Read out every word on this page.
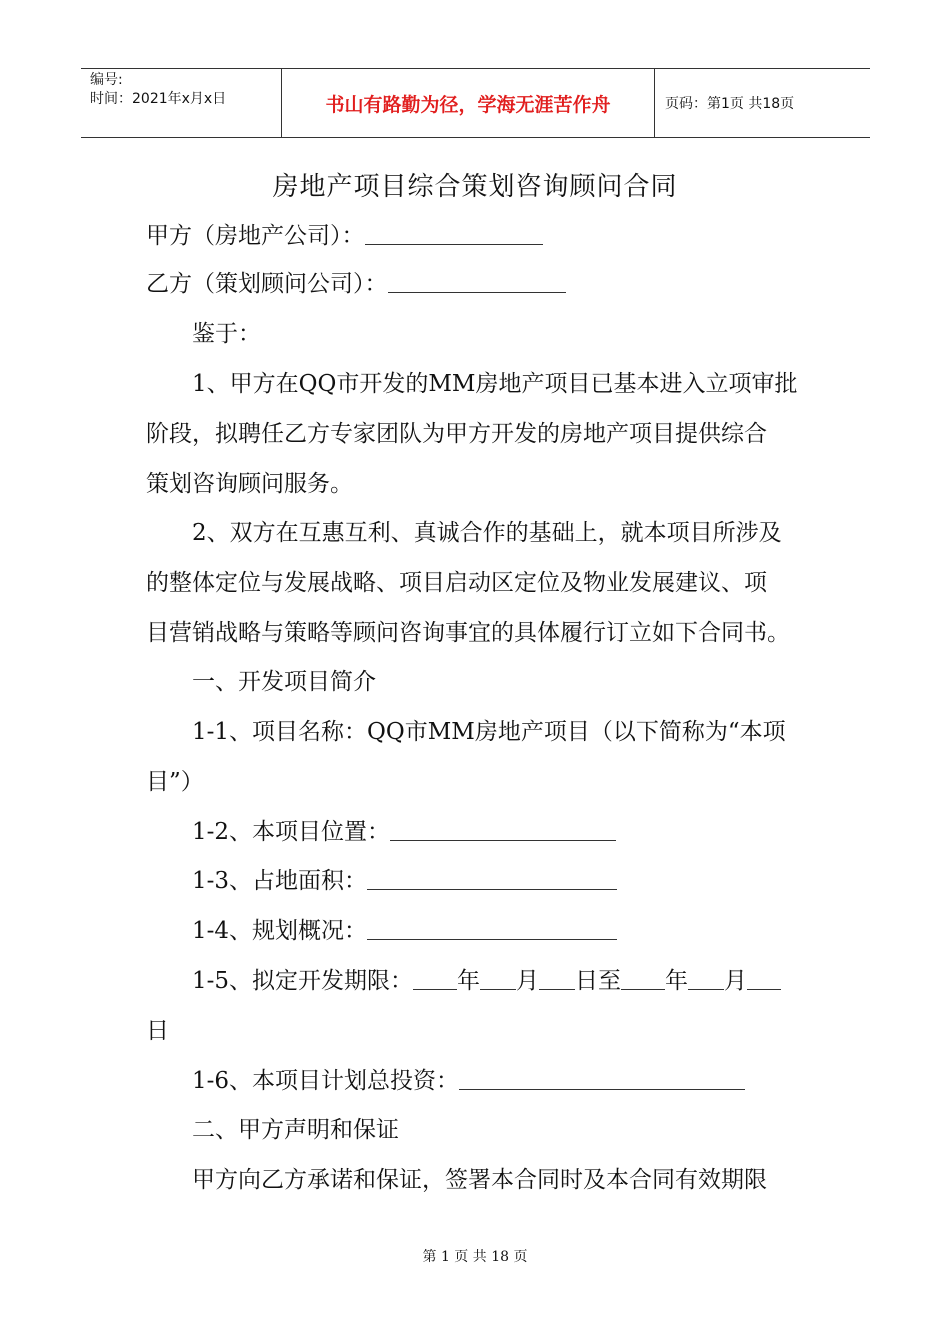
编号:
时间：2021年x月x日	书山有路勤为径，学海无涯苦作舟	页码：第1页 共18页
房地产项目综合策划咨询顾问合同
甲方（房地产公司）：
乙方（策划顾问公司）：
鉴于：
1、甲方在QQ市开发的MM房地产项目已基本进入立项审批
阶段，拟聘任乙方专家团队为甲方开发的房地产项目提供综合
策划咨询顾问服务。
2、双方在互惠互利、真诚合作的基础上，就本项目所涉及
的整体定位与发展战略、项目启动区定位及物业发展建议、项
目营销战略与策略等顾问咨询事宜的具体履行订立如下合同书。
一、开发项目简介
1-1、项目名称：QQ市MM房地产项目（以下简称为“本项
目”）
1-2、本项目位置：
1-3、占地面积：
1-4、规划概况：
1-5、拟定开发期限： 年 月 日至 年 月
日
1-6、本项目计划总投资：
二、甲方声明和保证
甲方向乙方承诺和保证，签署本合同时及本合同有效期限
第 1 页 共 18 页
